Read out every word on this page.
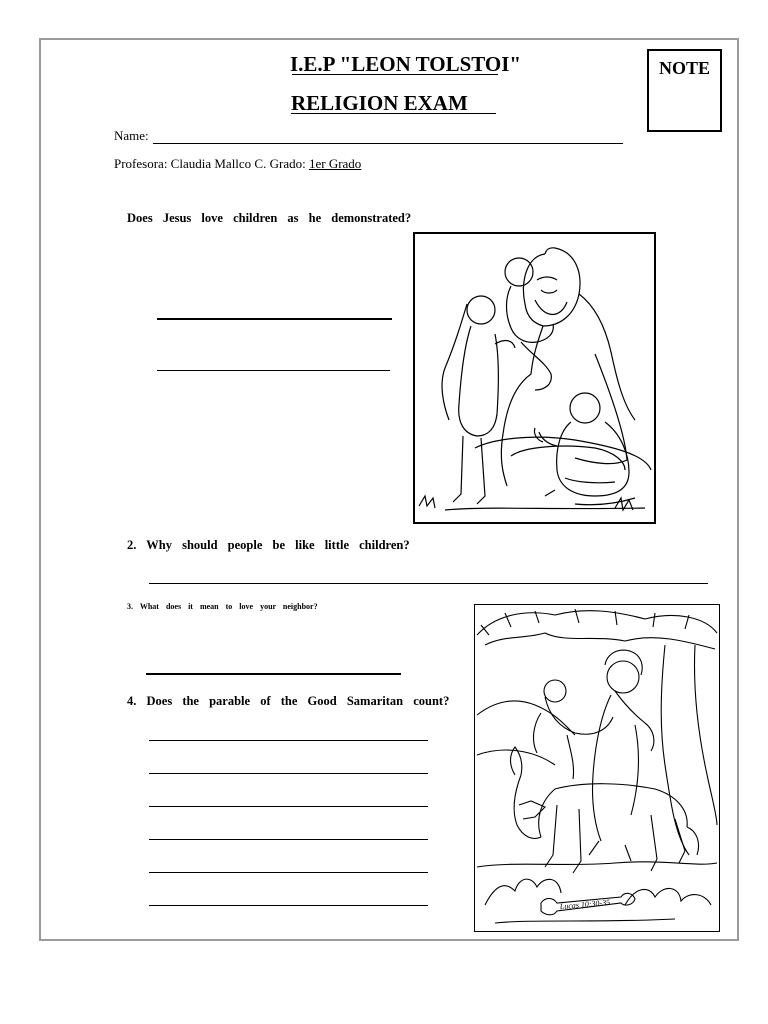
I.E.P "LEON TOLSTOI"
RELIGION EXAM
NOTE
Name:
Profesora: Claudia Mallco C. Grado: 1er Grado
Does Jesus love children as he demonstrated?
2. Why should people be like little children?
3. What does it mean to love your neighbor?
4. Does the parable of the Good Samaritan count?
Lucas 10:30-35
